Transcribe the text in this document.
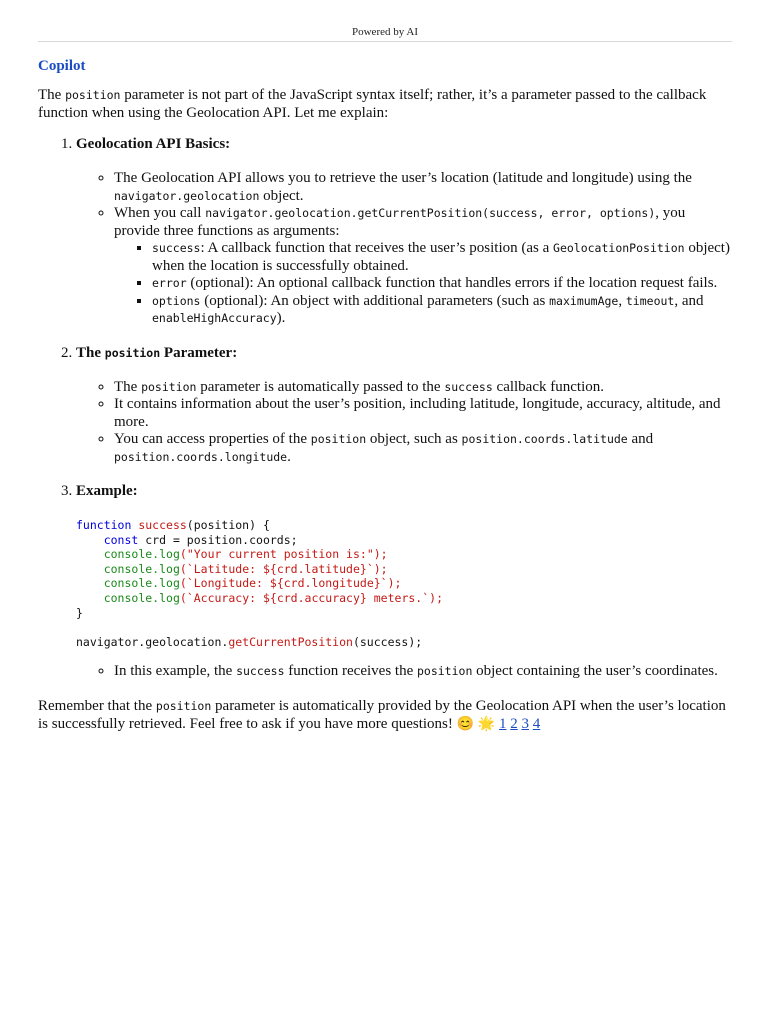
Powered by AI
Copilot

The position parameter is not part of the JavaScript syntax itself; rather, it’s a parameter passed to the callback function when using the Geolocation API. Let me explain:

1. Geolocation API Basics:
◦ The Geolocation API allows you to retrieve the user’s location (latitude and longitude) using the navigator.geolocation object.
◦ When you call navigator.geolocation.getCurrentPosition(success, error, options), you provide three functions as arguments:
▪ success: A callback function that receives the user’s position (as a GeolocationPosition object) when the location is successfully obtained.
▪ error (optional): An optional callback function that handles errors if the location request fails.
▪ options (optional): An object with additional parameters (such as maximumAge, timeout, and enableHighAccuracy).
2. The position Parameter:
◦ The position parameter is automatically passed to the success callback function.
◦ It contains information about the user’s position, including latitude, longitude, accuracy, altitude, and more.
◦ You can access properties of the position object, such as position.coords.latitude and position.coords.longitude.
3. Example:
function success(position) {
const crd = position.coords;
console.log("Your current position is:");
console.log(`Latitude: ${crd.latitude}`);
console.log(`Longitude: ${crd.longitude}`);
console.log(`Accuracy: ${crd.accuracy} meters.`);
}

navigator.geolocation.getCurrentPosition(success);
◦ In this example, the success function receives the position object containing the user’s coordinates.

Remember that the position parameter is automatically provided by the Geolocation API when the user’s location is successfully retrieved. Feel free to ask if you have more questions! 😊 🌟 1 2 3 4
